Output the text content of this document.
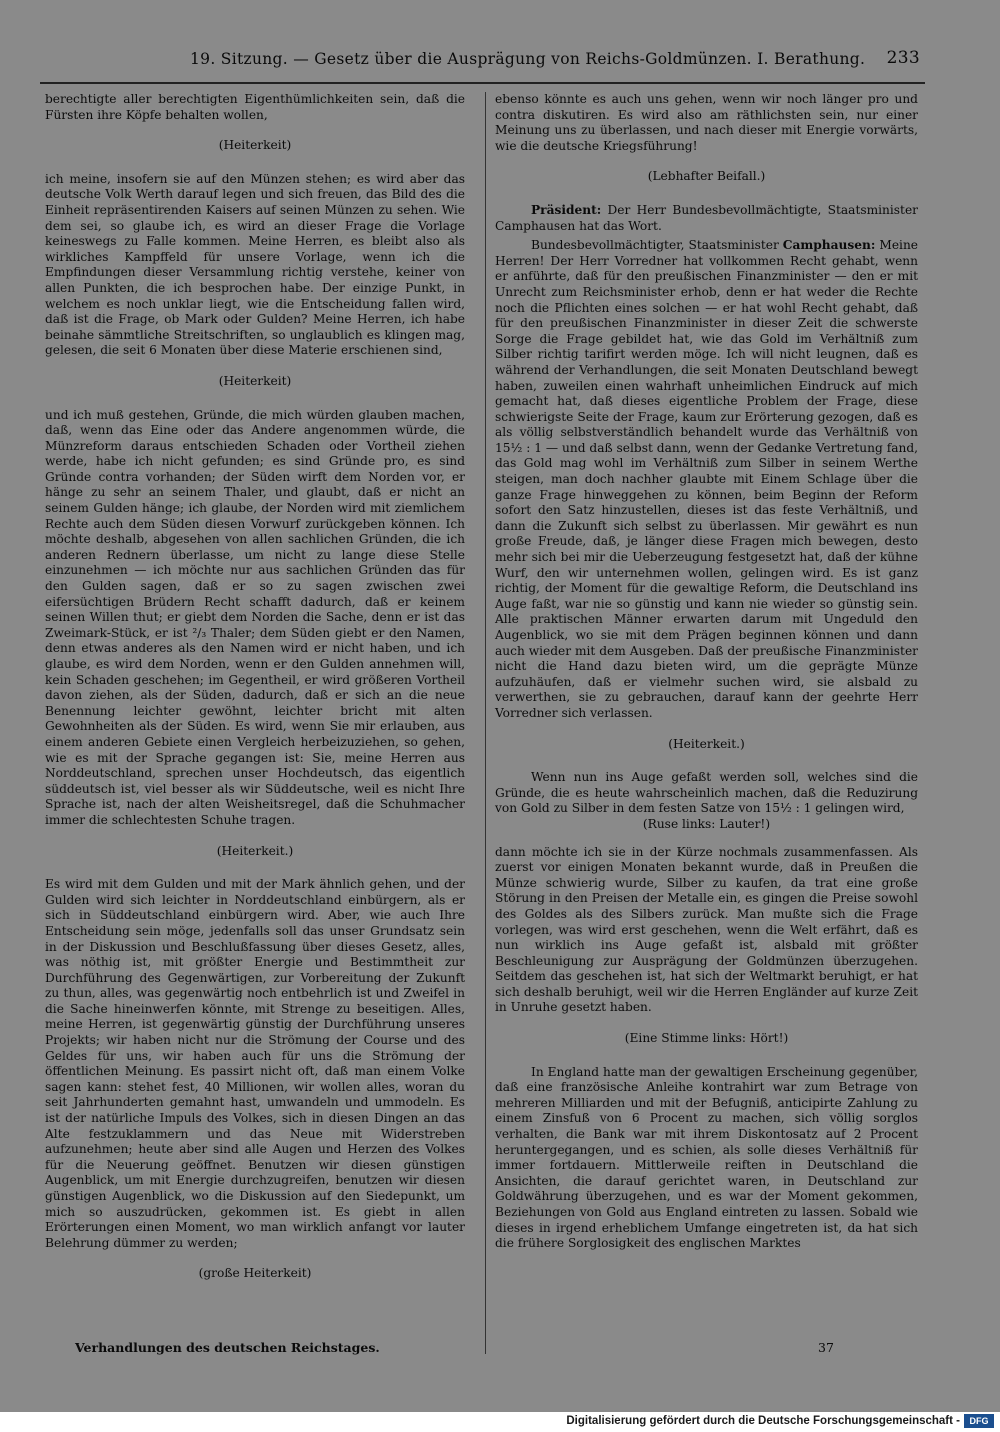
19. Sitzung. — Gesetz über die Ausprägung von Reichs-Goldmünzen. I. Berathung. 233

berechtigte aller berechtigten Eigenthümlichkeiten sein, daß die Fürsten ihre Köpfe behalten wollen,

(Heiterkeit)

ich meine, insofern sie auf den Münzen stehen; es wird aber das deutsche Volk Werth darauf legen und sich freuen, das Bild des die Einheit repräsentirenden Kaisers auf seinen Münzen zu sehen. Wie dem sei, so glaube ich, es wird an dieser Frage die Vorlage keineswegs zu Falle kommen. Meine Herren, es bleibt also als wirkliches Kampffeld für unsere Vorlage, wenn ich die Empfindungen dieser Versammlung richtig verstehe, keiner von allen Punkten, die ich besprochen habe. Der einzige Punkt, in welchem es noch unklar liegt, wie die Entscheidung fallen wird, daß ist die Frage, ob Mark oder Gulden? Meine Herren, ich habe beinahe sämmtliche Streitschriften, so unglaublich es klingen mag, gelesen, die seit 6 Monaten über diese Materie erschienen sind,

(Heiterkeit)

und ich muß gestehen, Gründe, die mich würden glauben machen, daß, wenn das Eine oder das Andere angenommen würde, die Münzreform daraus entschieden Schaden oder Vortheil ziehen werde, habe ich nicht gefunden; es sind Gründe pro, es sind Gründe contra vorhanden; der Süden wirft dem Norden vor, er hänge zu sehr an seinem Thaler, und glaubt, daß er nicht an seinem Gulden hänge; ich glaube, der Norden wird mit ziemlichem Rechte auch dem Süden diesen Vorwurf zurückgeben können. Ich möchte deshalb, abgesehen von allen sachlichen Gründen, die ich anderen Rednern überlasse, um nicht zu lange diese Stelle einzunehmen — ich möchte nur aus sachlichen Gründen das für den Gulden sagen, daß er so zu sagen zwischen zwei eifersüchtigen Brüdern Recht schafft dadurch, daß er keinem seinen Willen thut; er giebt dem Norden die Sache, denn er ist das Zweimark-Stück, er ist ²/₃ Thaler; dem Süden giebt er den Namen, denn etwas anderes als den Namen wird er nicht haben, und ich glaube, es wird dem Norden, wenn er den Gulden annehmen will, kein Schaden geschehen; im Gegentheil, er wird größeren Vortheil davon ziehen, als der Süden, dadurch, daß er sich an die neue Benennung leichter gewöhnt, leichter bricht mit alten Gewohnheiten als der Süden. Es wird, wenn Sie mir erlauben, aus einem anderen Gebiete einen Vergleich herbeizuziehen, so gehen, wie es mit der Sprache gegangen ist: Sie, meine Herren aus Norddeutschland, sprechen unser Hochdeutsch, das eigentlich süddeutsch ist, viel besser als wir Süddeutsche, weil es nicht Ihre Sprache ist, nach der alten Weisheitsregel, daß die Schuhmacher immer die schlechtesten Schuhe tragen.

(Heiterkeit.)

Es wird mit dem Gulden und mit der Mark ähnlich gehen, und der Gulden wird sich leichter in Norddeutschland einbürgern, als er sich in Süddeutschland einbürgern wird. Aber, wie auch Ihre Entscheidung sein möge, jedenfalls soll das unser Grundsatz sein in der Diskussion und Beschlußfassung über dieses Gesetz, alles, was nöthig ist, mit größter Energie und Bestimmtheit zur Durchführung des Gegenwärtigen, zur Vorbereitung der Zukunft zu thun, alles, was gegenwärtig noch entbehrlich ist und Zweifel in die Sache hineinwerfen könnte, mit Strenge zu beseitigen. Alles, meine Herren, ist gegenwärtig günstig der Durchführung unseres Projekts; wir haben nicht nur die Strömung der Course und des Geldes für uns, wir haben auch für uns die Strömung der öffentlichen Meinung. Es passirt nicht oft, daß man einem Volke sagen kann: stehet fest, 40 Millionen, wir wollen alles, woran du seit Jahrhunderten gemahnt hast, umwandeln und ummodeln. Es ist der natürliche Impuls des Volkes, sich in diesen Dingen an das Alte festzuklammern und das Neue mit Widerstreben aufzunehmen; heute aber sind alle Augen und Herzen des Volkes für die Neuerung geöffnet. Benutzen wir diesen günstigen Augenblick, um mit Energie durchzugreifen, benutzen wir diesen günstigen Augenblick, wo die Diskussion auf den Siedepunkt, um mich so auszudrücken, gekommen ist. Es giebt in allen Erörterungen einen Moment, wo man wirklich anfangt vor lauter Belehrung dümmer zu werden;

(große Heiterkeit)

ebenso könnte es auch uns gehen, wenn wir noch länger pro und contra diskutiren. Es wird also am räthlichsten sein, nur einer Meinung uns zu überlassen, und nach dieser mit Energie vorwärts, wie die deutsche Kriegsführung!

(Lebhafter Beifall.)

Präsident: Der Herr Bundesbevollmächtigte, Staatsminister Camphausen hat das Wort.

Bundesbevollmächtigter, Staatsminister Camphausen: Meine Herren! Der Herr Vorredner hat vollkommen Recht gehabt, wenn er anführte, daß für den preußischen Finanzminister — den er mit Unrecht zum Reichsminister erhob, denn er hat weder die Rechte noch die Pflichten eines solchen — er hat wohl Recht gehabt, daß für den preußischen Finanzminister in dieser Zeit die schwerste Sorge die Frage gebildet hat, wie das Gold im Verhältniß zum Silber richtig tarifirt werden möge. Ich will nicht leugnen, daß es während der Verhandlungen, die seit Monaten Deutschland bewegt haben, zuweilen einen wahrhaft unheimlichen Eindruck auf mich gemacht hat, daß dieses eigentliche Problem der Frage, diese schwierigste Seite der Frage, kaum zur Erörterung gezogen, daß es als völlig selbstverständlich behandelt wurde das Verhältniß von 15½ : 1 — und daß selbst dann, wenn der Gedanke Vertretung fand, das Gold mag wohl im Verhältniß zum Silber in seinem Werthe steigen, man doch nachher glaubte mit Einem Schlage über die ganze Frage hinweggehen zu können, beim Beginn der Reform sofort den Satz hinzustellen, dieses ist das feste Verhältniß, und dann die Zukunft sich selbst zu überlassen. Mir gewährt es nun große Freude, daß, je länger diese Fragen mich bewegen, desto mehr sich bei mir die Ueberzeugung festgesetzt hat, daß der kühne Wurf, den wir unternehmen wollen, gelingen wird. Es ist ganz richtig, der Moment für die gewaltige Reform, die Deutschland ins Auge faßt, war nie so günstig und kann nie wieder so günstig sein. Alle praktischen Männer erwarten darum mit Ungeduld den Augenblick, wo sie mit dem Prägen beginnen können und dann auch wieder mit dem Ausgeben. Daß der preußische Finanzminister nicht die Hand dazu bieten wird, um die geprägte Münze aufzuhäufen, daß er vielmehr suchen wird, sie alsbald zu verwerthen, sie zu gebrauchen, darauf kann der geehrte Herr Vorredner sich verlassen.

(Heiterkeit.)

Wenn nun ins Auge gefaßt werden soll, welches sind die Gründe, die es heute wahrscheinlich machen, daß die Reduzirung von Gold zu Silber in dem festen Satze von 15½ : 1 gelingen wird,

(Ruse links: Lauter!)

dann möchte ich sie in der Kürze nochmals zusammenfassen. Als zuerst vor einigen Monaten bekannt wurde, daß in Preußen die Münze schwierig wurde, Silber zu kaufen, da trat eine große Störung in den Preisen der Metalle ein, es gingen die Preise sowohl des Goldes als des Silbers zurück. Man mußte sich die Frage vorlegen, was wird erst geschehen, wenn die Welt erfährt, daß es nun wirklich ins Auge gefaßt ist, alsbald mit größter Beschleunigung zur Ausprägung der Goldmünzen überzugehen. Seitdem das geschehen ist, hat sich der Weltmarkt beruhigt, er hat sich deshalb beruhigt, weil wir die Herren Engländer auf kurze Zeit in Unruhe gesetzt haben.

(Eine Stimme links: Hört!)

In England hatte man der gewaltigen Erscheinung gegenüber, daß eine französische Anleihe kontrahirt war zum Betrage von mehreren Milliarden und mit der Befugniß, anticipirte Zahlung zu einem Zinsfuß von 6 Procent zu machen, sich völlig sorglos verhalten, die Bank war mit ihrem Diskontosatz auf 2 Procent heruntergegangen, und es schien, als solle dieses Verhältniß für immer fortdauern. Mittlerweile reiften in Deutschland die Ansichten, die darauf gerichtet waren, in Deutschland zur Goldwährung überzugehen, und es war der Moment gekommen, Beziehungen von Gold aus England eintreten zu lassen. Sobald wie dieses in irgend erheblichem Umfange eingetreten ist, da hat sich die frühere Sorglosigkeit des englischen Marktes

Verhandlungen des deutschen Reichstages.	37
Digitalisierung gefördert durch die Deutsche Forschungsgemeinschaft -	DFG
